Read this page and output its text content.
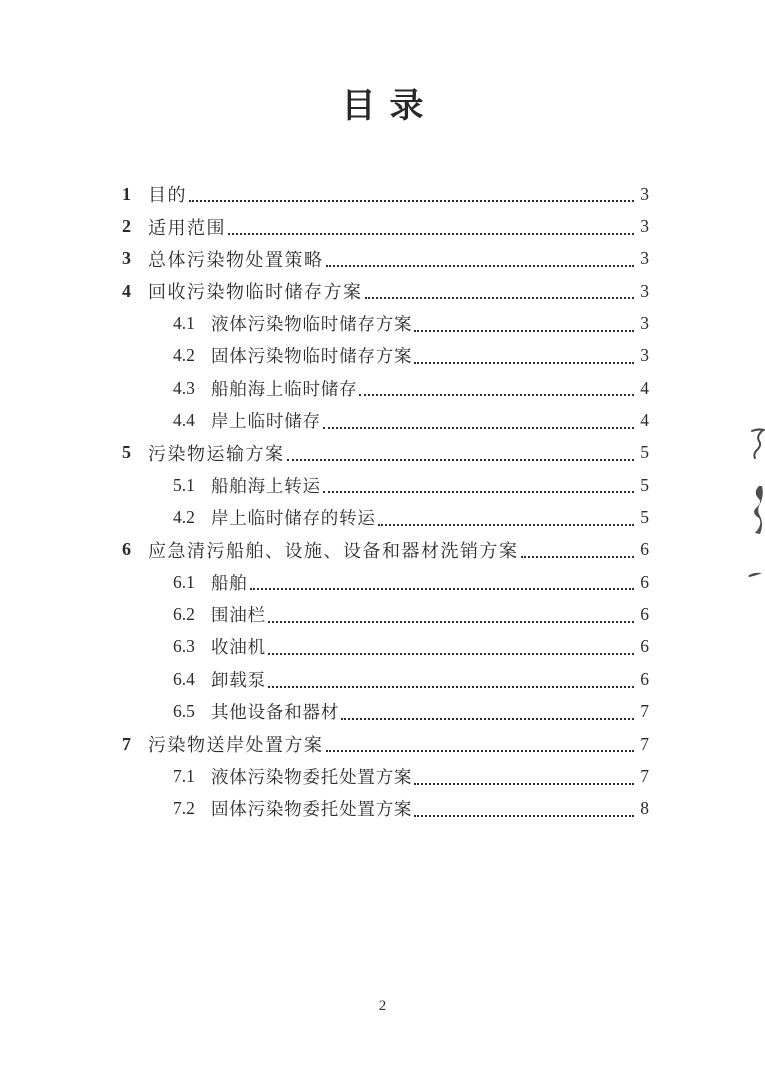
目录
1 目的	3
2 适用范围	3
3 总体污染物处置策略	3
4 回收污染物临时储存方案	3
4.1 液体污染物临时储存方案	3
4.2 固体污染物临时储存方案	3
4.3 船舶海上临时储存	4
4.4 岸上临时储存	4
5 污染物运输方案	5
5.1 船舶海上转运	5
4.2 岸上临时储存的转运	5
6 应急清污船舶、设施、设备和器材洗销方案	6
6.1 船舶	6
6.2 围油栏	6
6.3 收油机	6
6.4 卸载泵	6
6.5 其他设备和器材	7
7 污染物送岸处置方案	7
7.1 液体污染物委托处置方案	7
7.2 固体污染物委托处置方案	8
2
